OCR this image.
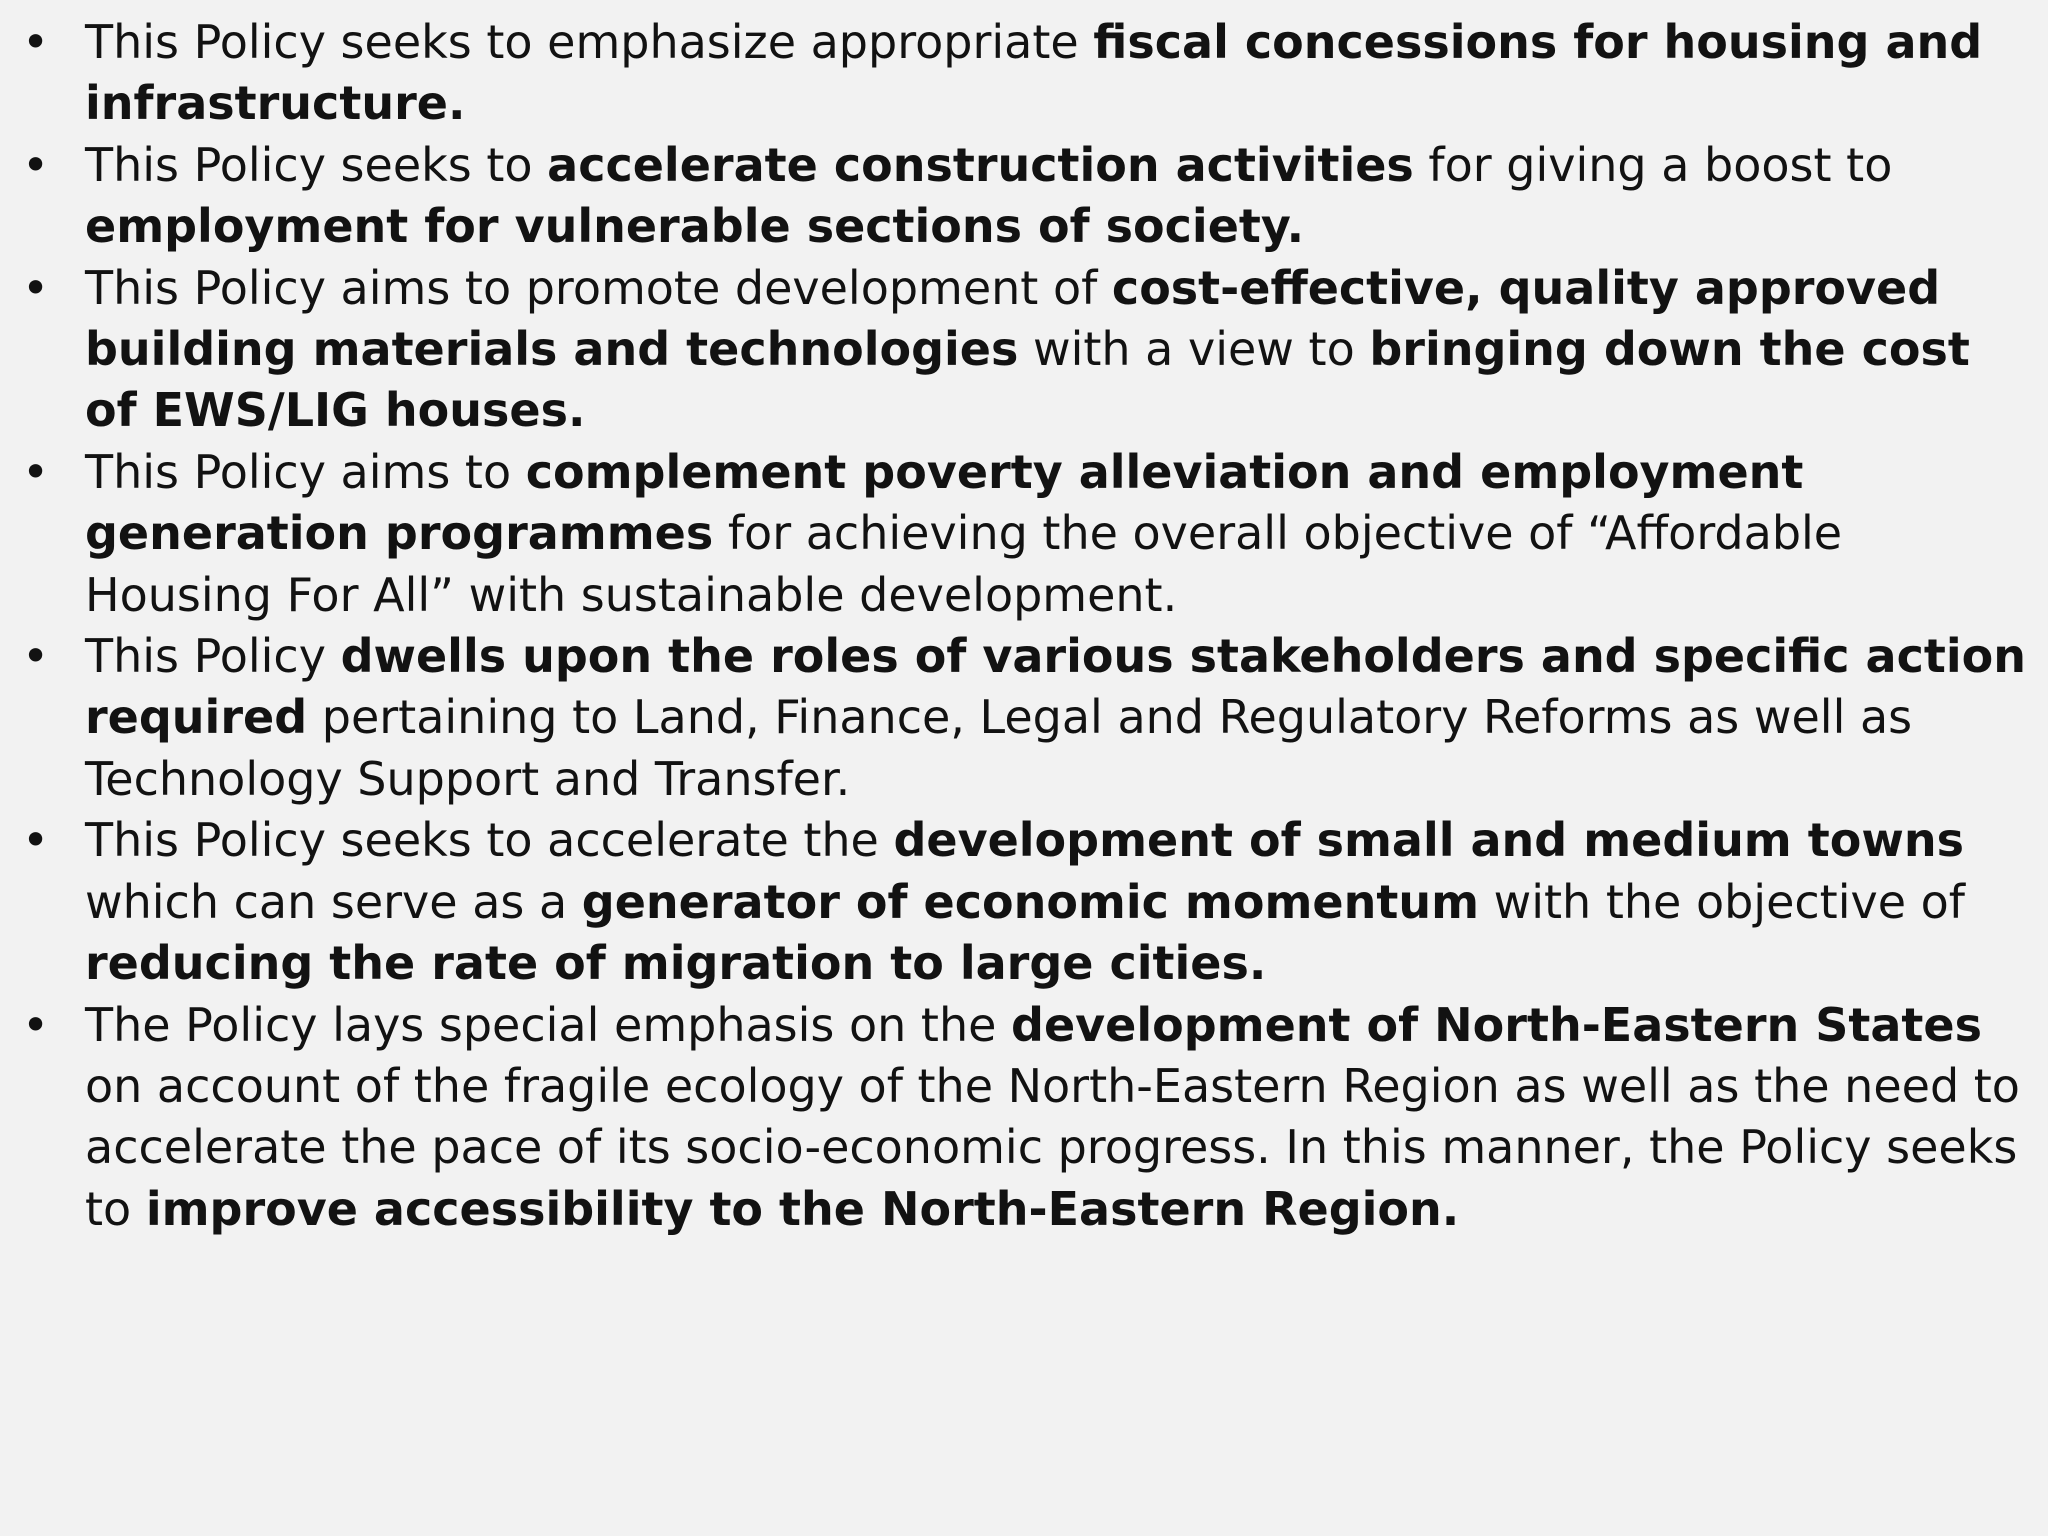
• This Policy seeks to emphasize appropriate fiscal concessions for housing and infrastructure.
• This Policy seeks to accelerate construction activities for giving a boost to employment for vulnerable sections of society.
• This Policy aims to promote development of cost-effective, quality approved building materials and technologies with a view to bringing down the cost of EWS/LIG houses.
• This Policy aims to complement poverty alleviation and employment generation programmes for achieving the overall objective of “Affordable Housing For All” with sustainable development.
• This Policy dwells upon the roles of various stakeholders and specific action required pertaining to Land, Finance, Legal and Regulatory Reforms as well as Technology Support and Transfer.
• This Policy seeks to accelerate the development of small and medium towns which can serve as a generator of economic momentum with the objective of reducing the rate of migration to large cities.
• The Policy lays special emphasis on the development of North-Eastern States on account of the fragile ecology of the North-Eastern Region as well as the need to accelerate the pace of its socio-economic progress. In this manner, the Policy seeks to improve accessibility to the North-Eastern Region.
